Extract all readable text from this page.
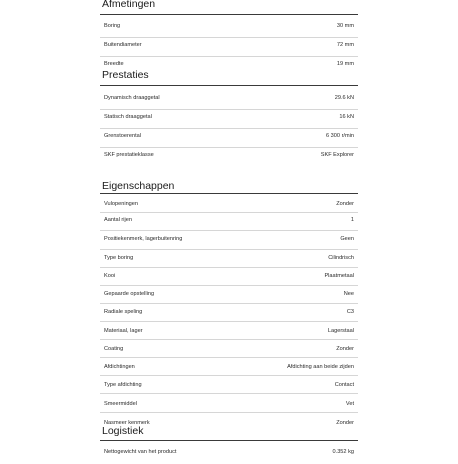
Afmetingen
Boring	30 mm
Buitendiameter	72 mm
Breedte	19 mm
Prestaties
Dynamisch draaggetal	29.6 kN
Statisch draaggetal	16 kN
Grenstoerental	6 300 r/min
SKF prestatieklasse	SKF Explorer
Eigenschappen
Vulopeningen	Zonder
Aantal rijen	1
Positiekenmerk, lagerbuitenring	Geen
Type boring	Cilindrisch
Kooi	Plaatmetaal
Gepaarde opstelling	Nee
Radiale speling	C3
Materiaal, lager	Lagerstaal
Coating	Zonder
Afdichtingen	Afdichting aan beide zijden
Type afdichting	Contact
Smeermiddel	Vet
Nasmeer kenmerk	Zonder
Logistiek
Nettogewicht van het product	0.352 kg
